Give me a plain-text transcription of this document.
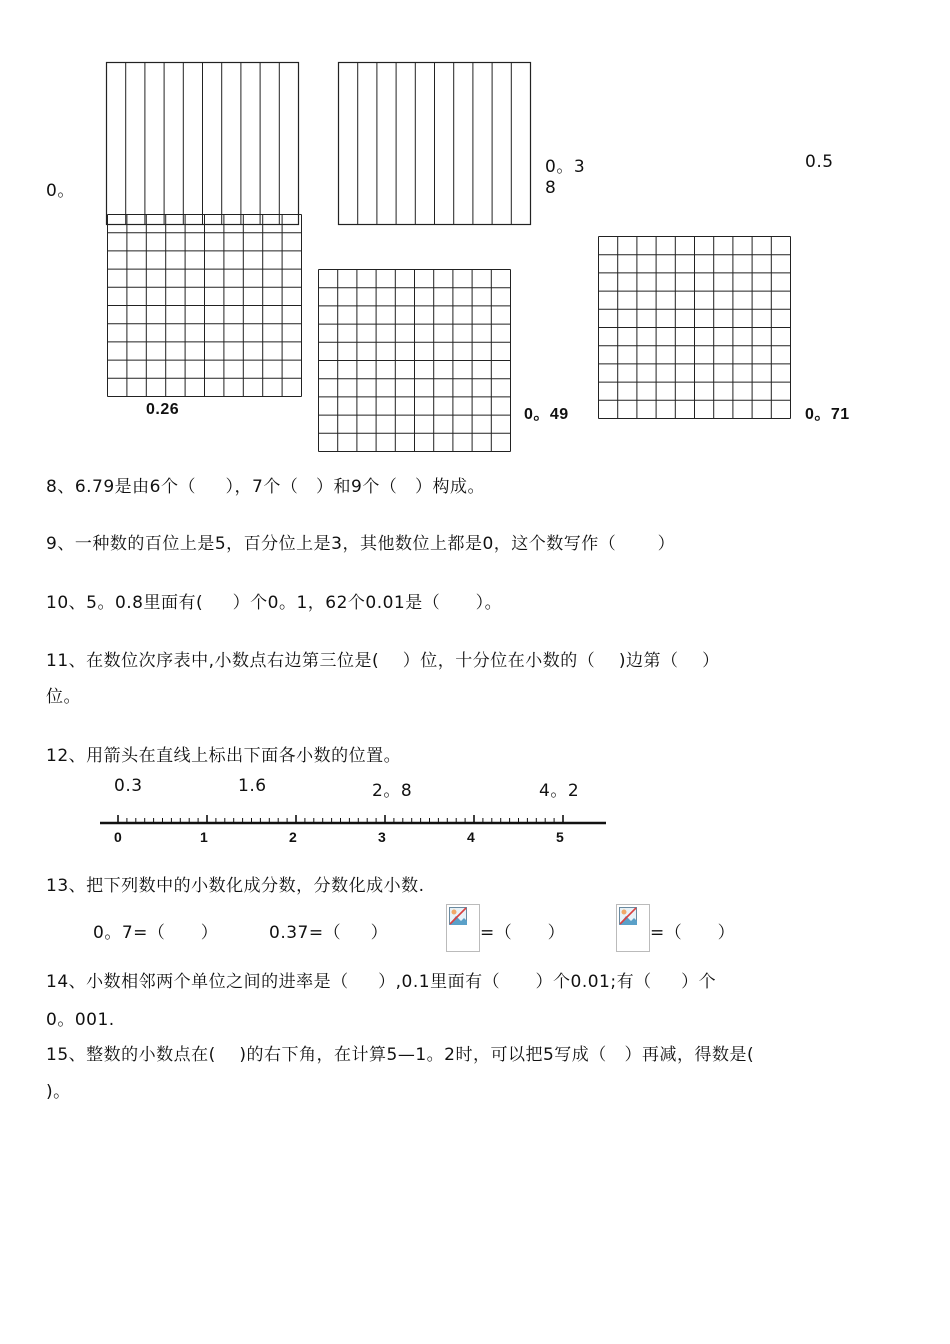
0。
0。3
8
0.5
0.26	0。49	0。71
8、6.79是由6个（     ），7个（   ）和9个（   ）构成。
9、一种数的百位上是5，百分位上是3，其他数位上都是0，这个数写作（       ）
10、5。0.8里面有(     ）个0。1，62个0.01是（      ）。
11、在数位次序表中,小数点右边第三位是(    ）位，十分位在小数的（    )边第（    ）
位。
12、用箭头在直线上标出下面各小数的位置。
0.3	1.6	2。8	4。2
0	1	2	3	4	5
13、把下列数中的小数化成分数，分数化成小数.
0。7=（      ）	0.37=（     ）	=（      ）	=（      ）
14、小数相邻两个单位之间的进率是（     ）,0.1里面有（      ）个0.01;有（     ）个
0。001.
15、整数的小数点在(    )的右下角，在计算5—1。2时，可以把5写成（   ）再减，得数是(
)。
